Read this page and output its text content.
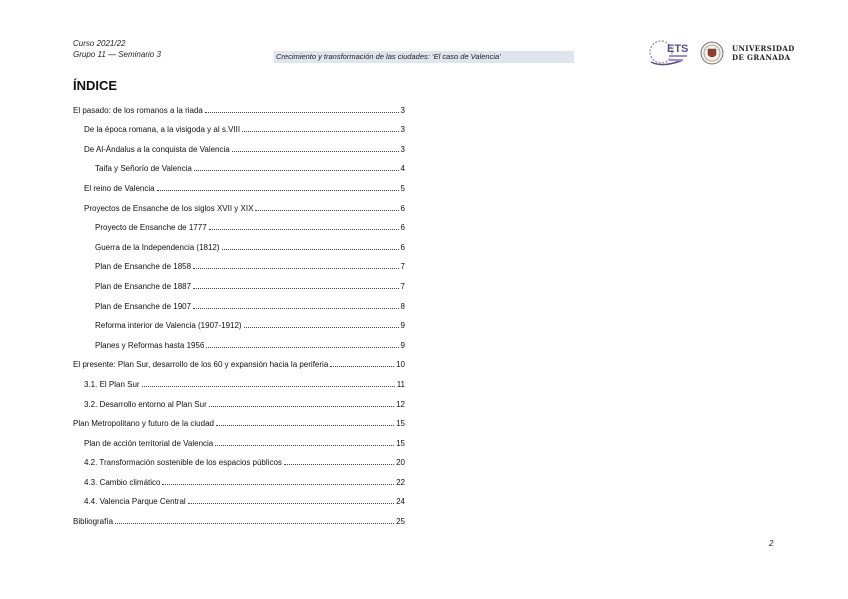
Curso 2021/22
Grupo 11 — Seminario 3	Crecimiento y transformación de las ciudades: ‘El caso de Valencia’
ETS	UNIVERSIDAD
DE GRANADA
ÍNDICE
El pasado: de los romanos a la riada	3
De la época romana, a la visigoda y al s.VIII	3
De Al-Ándalus a la conquista de Valencia	3
Taifa y Señorío de Valencia	4
El reino de Valencia	5
Proyectos de Ensanche de los siglos XVII y XIX	6
Proyecto de Ensanche de 1777	6
Guerra de la Independencia (1812)	6
Plan de Ensanche de 1858	7
Plan de Ensanche de 1887	7
Plan de Ensanche de 1907	8
Reforma interior de Valencia (1907-1912)	9
Planes y Reformas hasta 1956	9
El presente: Plan Sur, desarrollo de los 60 y expansión hacia la periferia	10
3.1. El Plan Sur	11
3.2. Desarrollo entorno al Plan Sur	12
Plan Metropolitano y futuro de la ciudad	15
Plan de acción territorial de Valencia	15
4.2. Transformación sostenible de los espacios públicos	20
4.3. Cambio climático	22
4.4. Valencia Parque Central	24
Bibliografía	25
2
